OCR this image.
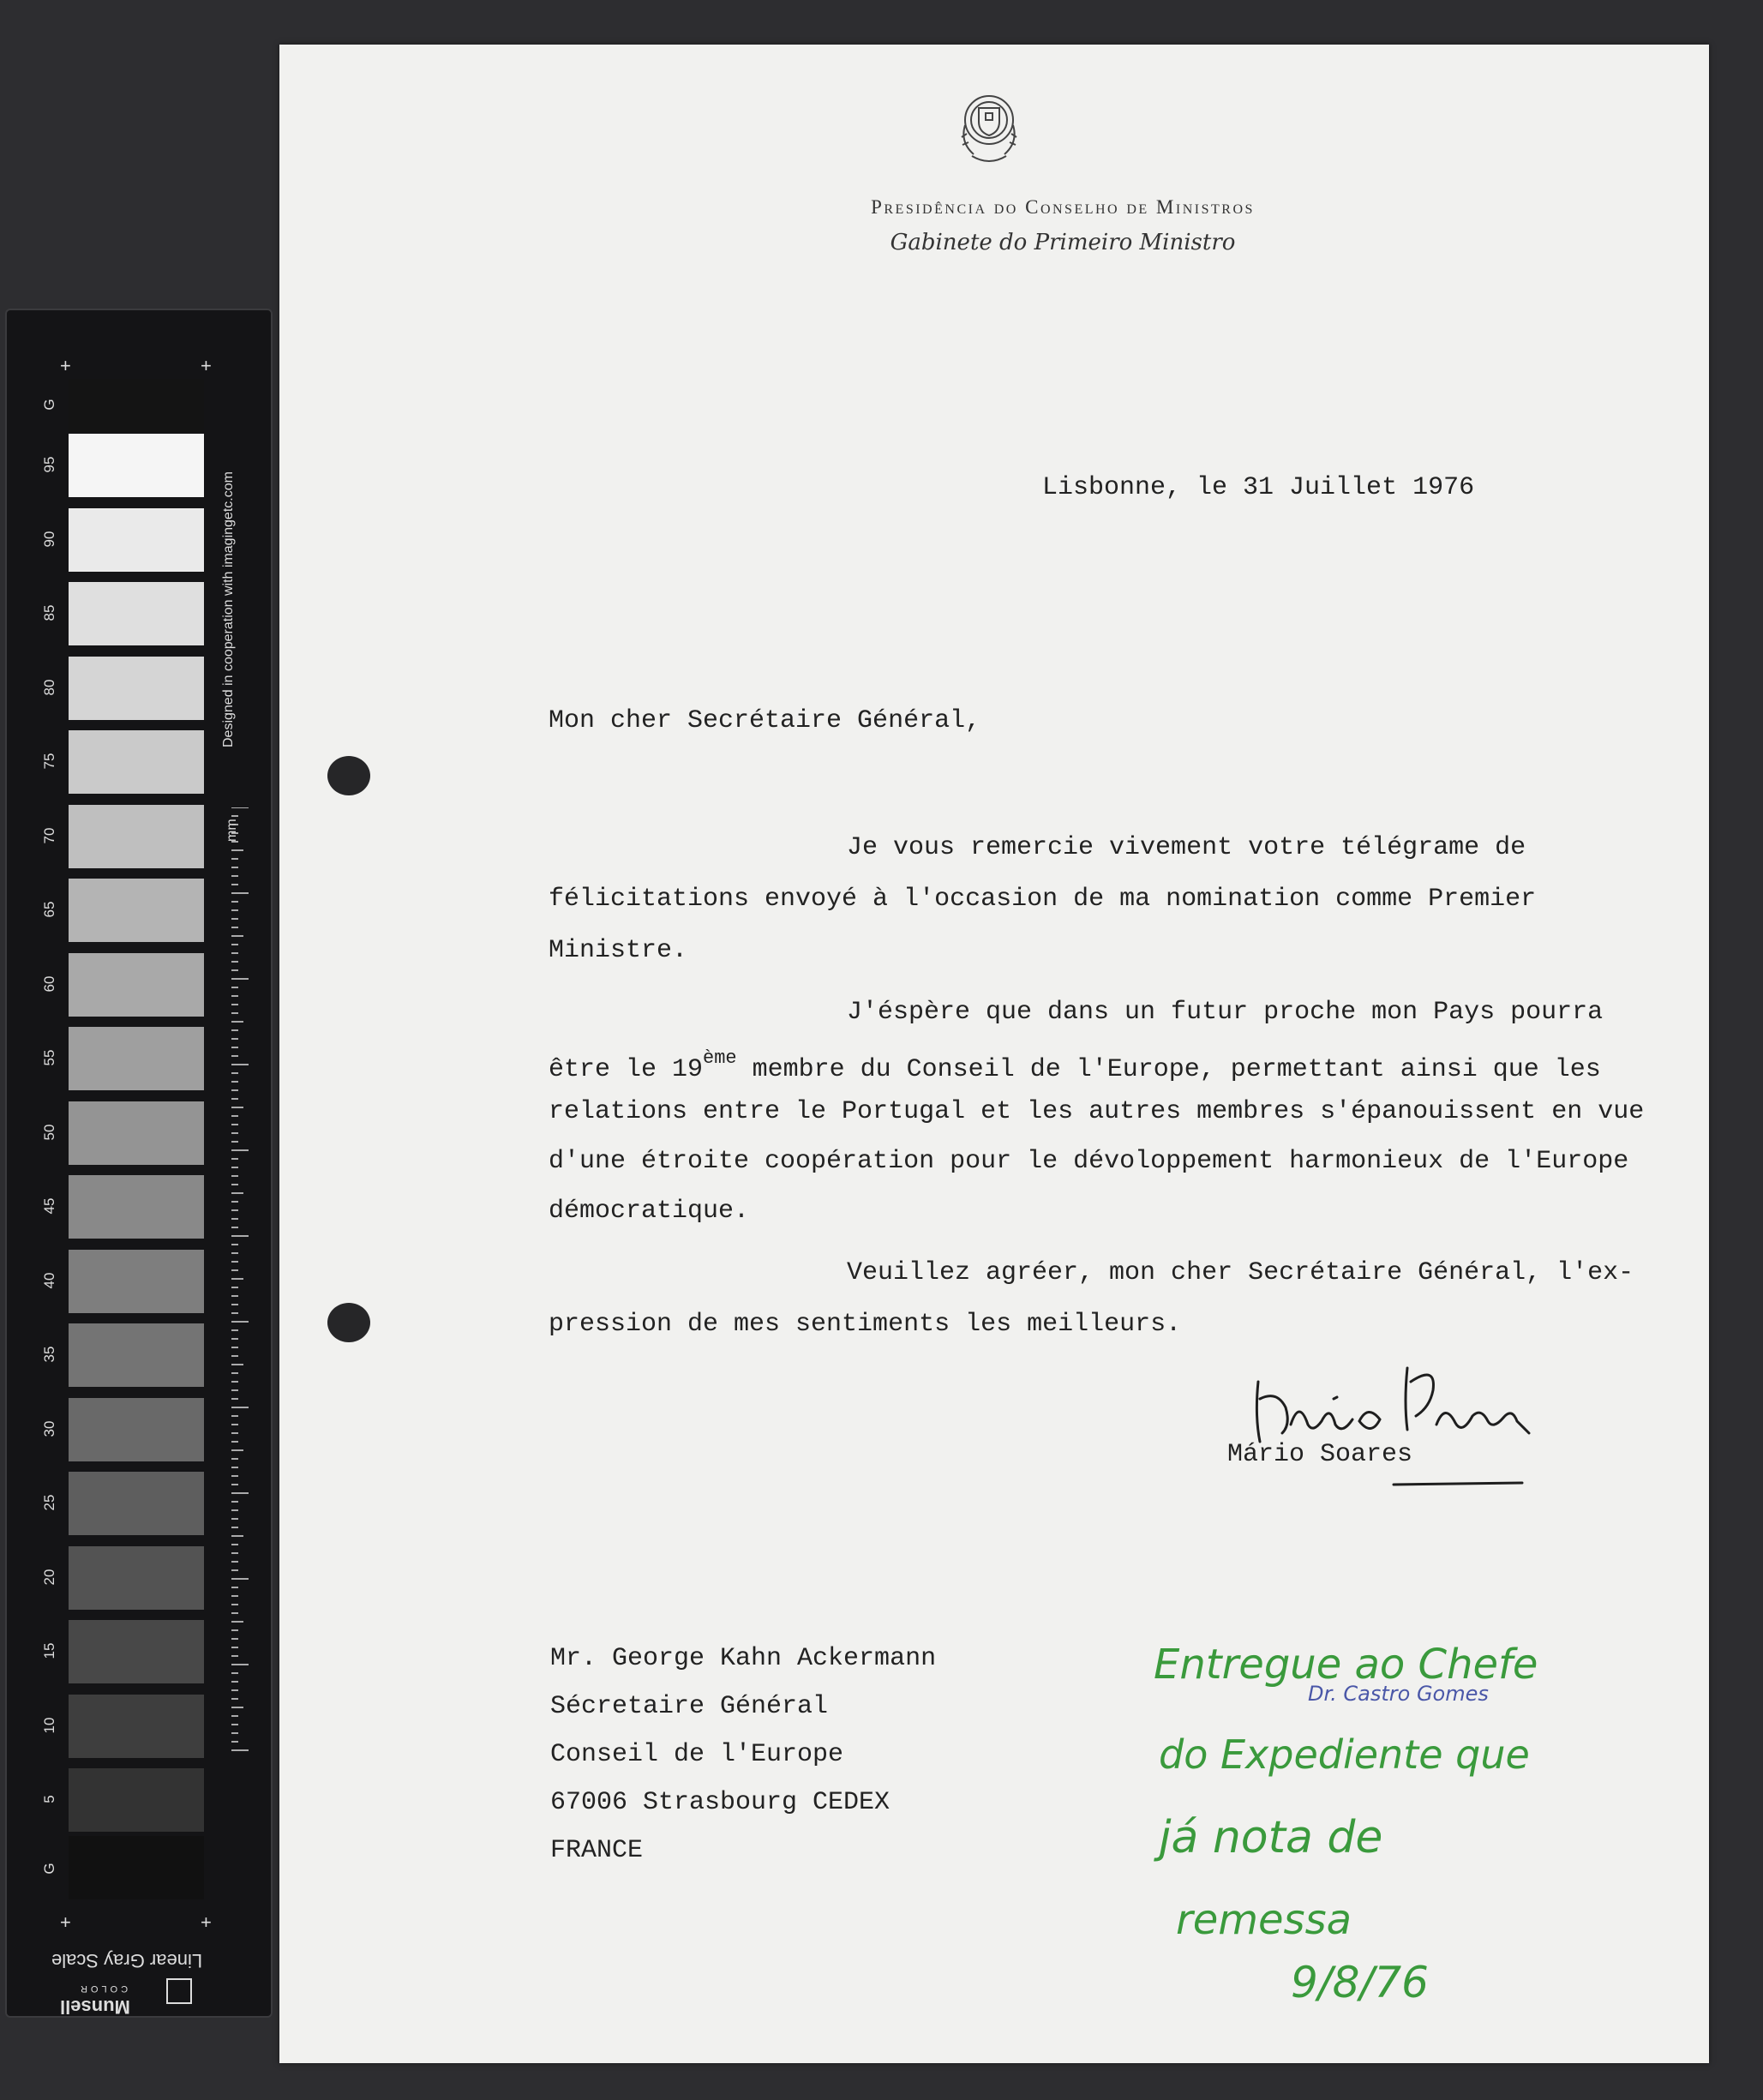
+	+
G
95
90
85
80
75
70
65
60
55
50
45
40
35
30
25
20
15
10
5
G
+	+
Designed in cooperation with imagingetc.com
mm
Linear Gray Scale
COLOR
Munsell
Presidência do Conselho de Ministros
Gabinete do Primeiro Ministro
Lisbonne, le 31 Juillet 1976
Mon cher Secrétaire Général,
Je vous remercie vivement votre télégrame de
félicitations envoyé à l'occasion de ma nomination comme Premier
Ministre.
J'éspère que dans un futur proche mon Pays pourra
être le 19ème membre du Conseil de l'Europe, permettant ainsi que les
relations entre le Portugal et les autres membres s'épanouissent en vue
d'une étroite coopération pour le dévoloppement harmonieux de l'Europe
démocratique.
Veuillez agréer, mon cher Secrétaire Général, l'ex-
pression de mes sentiments les meilleurs.
Mário Soares
Mr. George Kahn Ackermann
Sécretaire Général
Conseil de l'Europe
67006 Strasbourg CEDEX
FRANCE
Entregue ao Chefe
Dr. Castro Gomes
do Expediente que
já nota de
remessa
9/8/76
